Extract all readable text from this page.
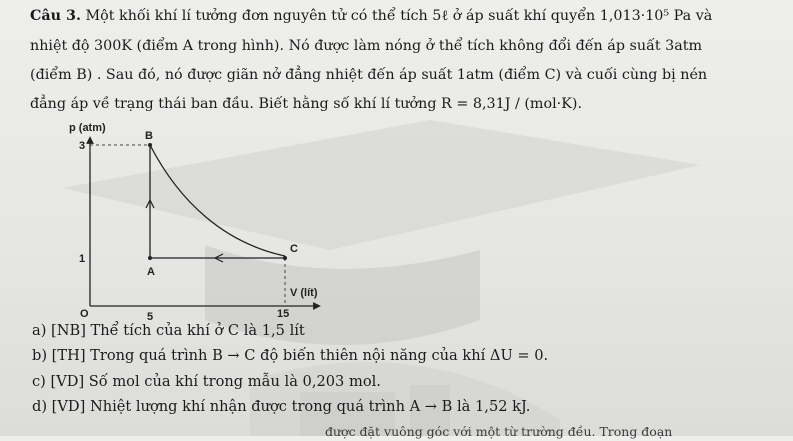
Câu 3. Một khối khí lí tưởng đơn nguyên tử có thể tích 5ℓ ở áp suất khí quyển 1,013·10⁵ Pa và
nhiệt độ 300K (điểm A trong hình). Nó được làm nóng ở thể tích không đổi đến áp suất 3atm
(điểm B) . Sau đó, nó được giãn nở đẳng nhiệt đến áp suất 1atm (điểm C) và cuối cùng bị nén
đẳng áp về trạng thái ban đầu. Biết hằng số khí lí tưởng R = 8,31J / (mol·K).
p (atm)
V (lít)
3
1
O	5	15
A
B
C
a) [NB] Thể tích của khí ở C là 1,5 lít
b) [TH] Trong quá trình B → C độ biến thiên nội năng của khí ΔU = 0.
c) [VD] Số mol của khí trong mẫu là 0,203 mol.
d) [VD] Nhiệt lượng khí nhận được trong quá trình A → B là 1,52 kJ.
được đặt vuông góc với một từ trường đều. Trong đoạn
